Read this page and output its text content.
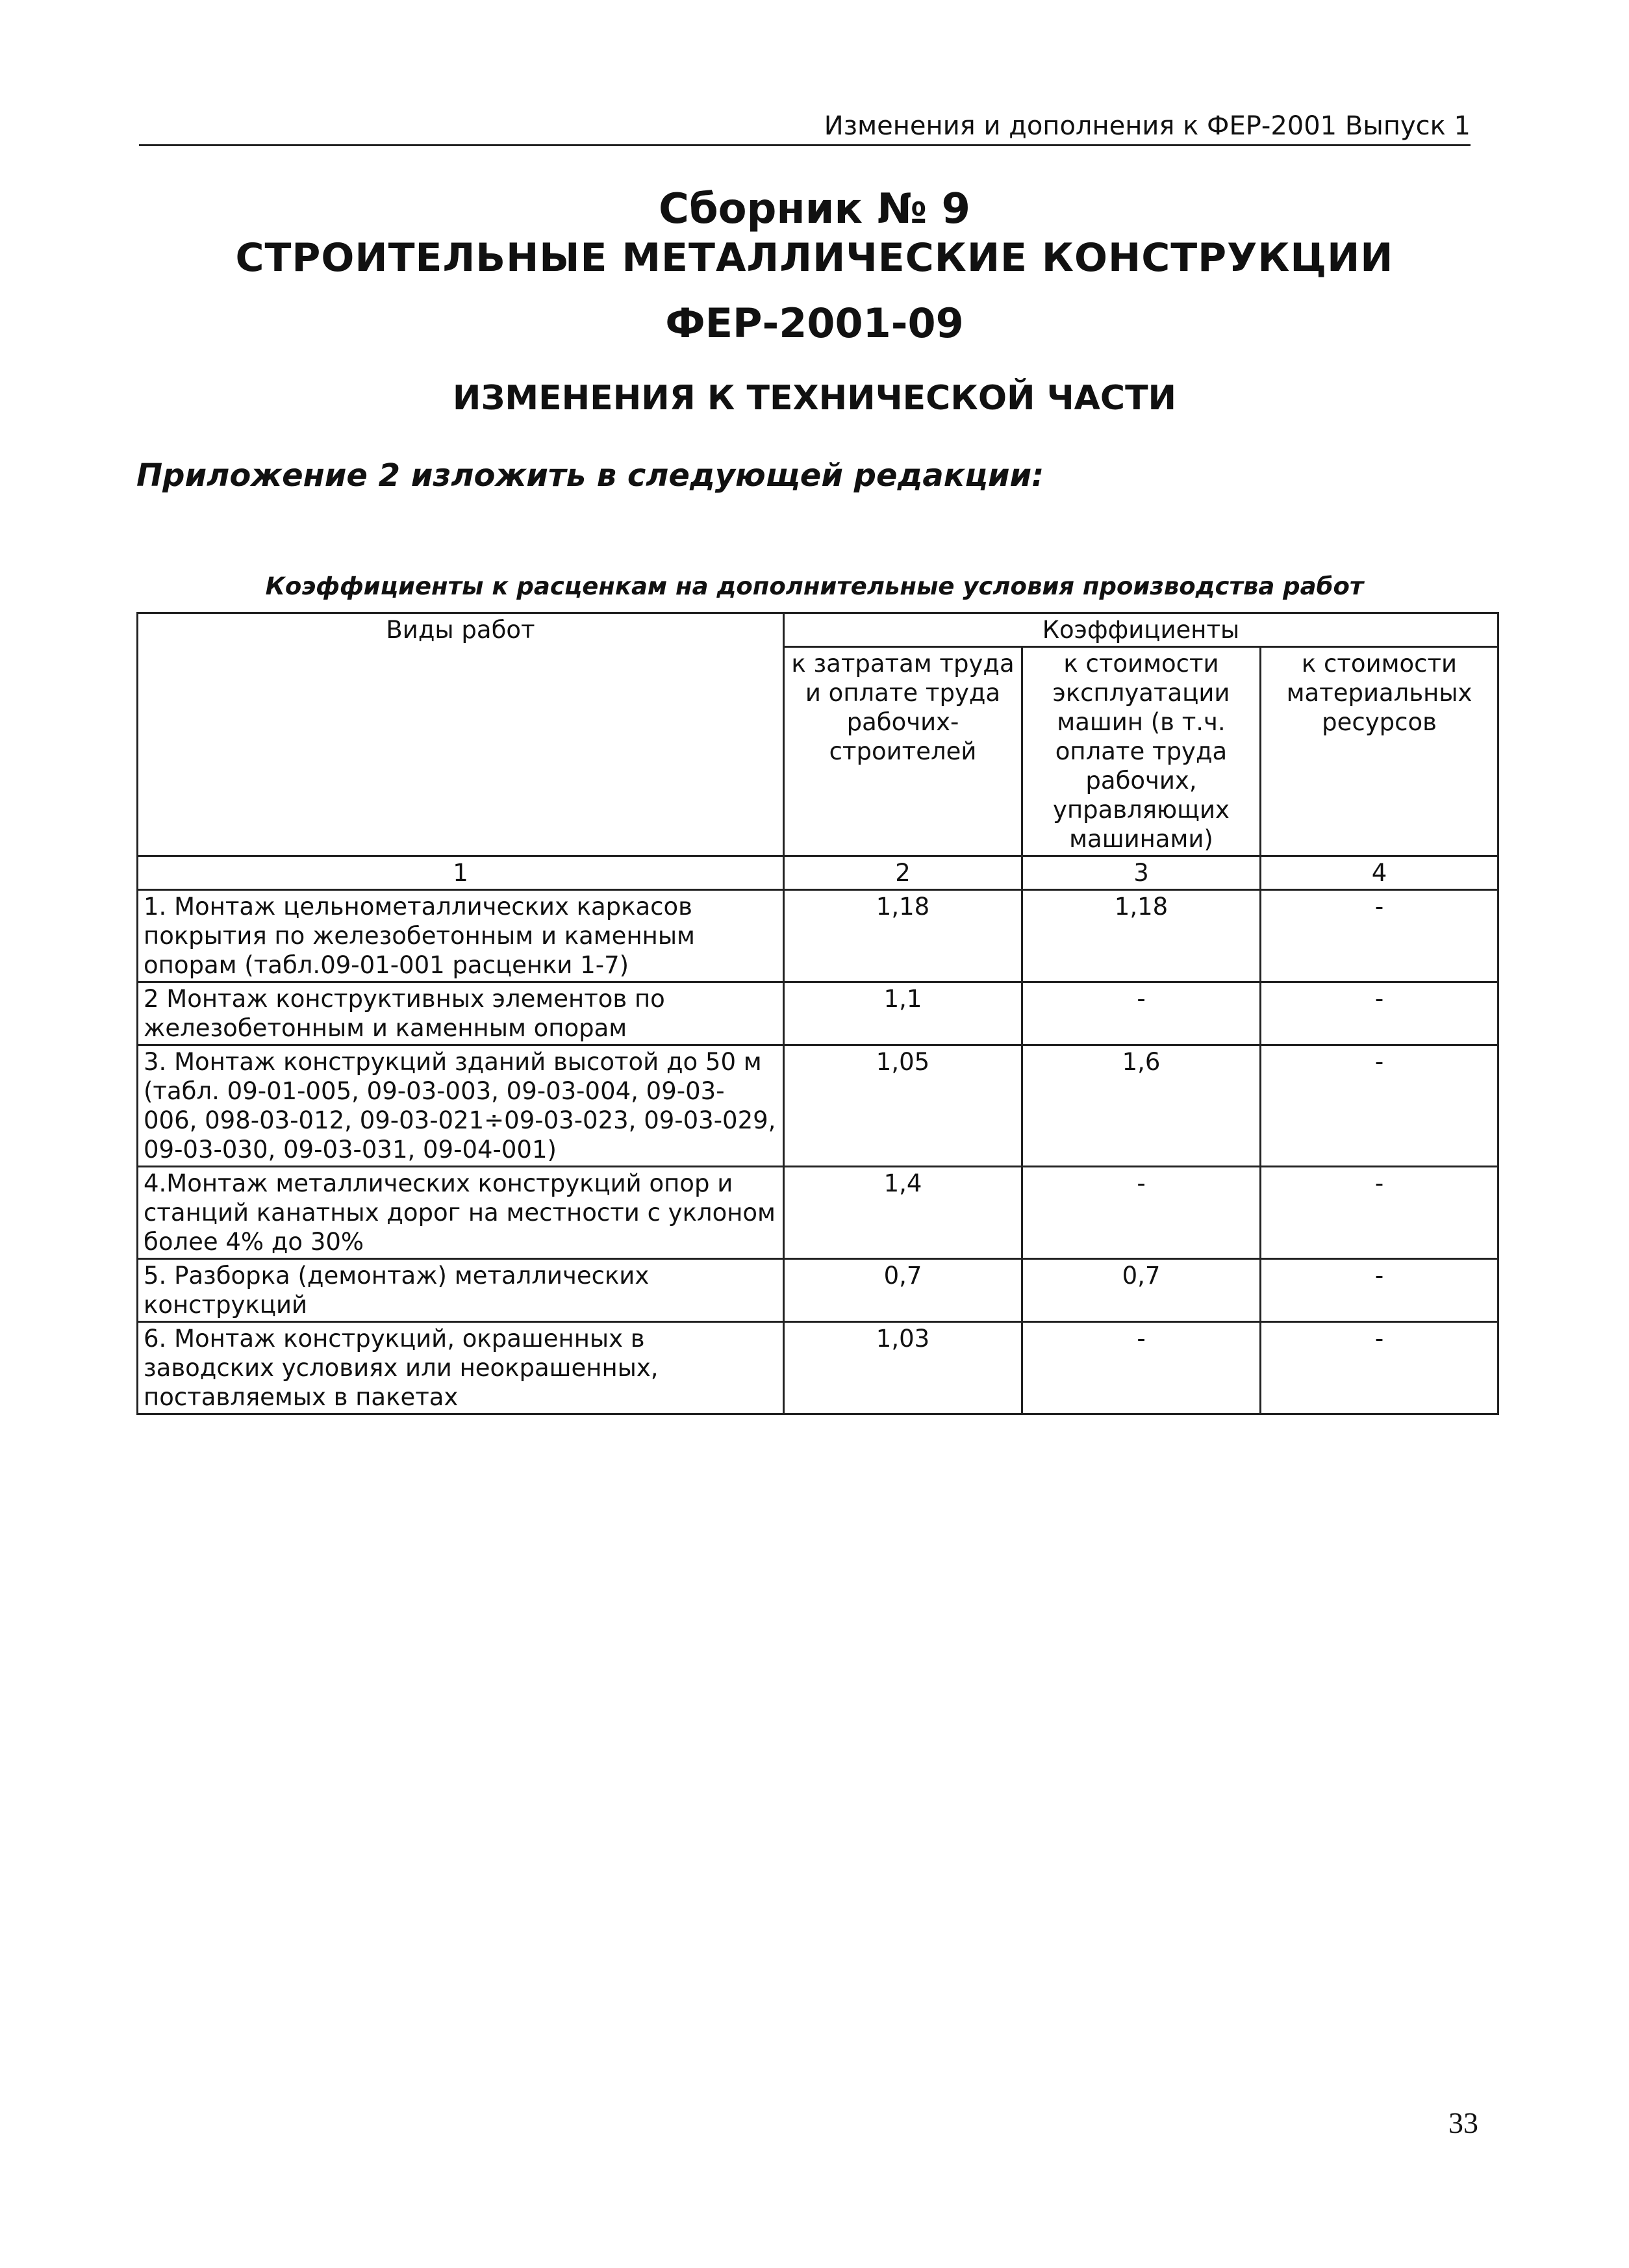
Изменения и дополнения к ФЕР-2001 Выпуск 1
Сборник № 9
СТРОИТЕЛЬНЫЕ МЕТАЛЛИЧЕСКИЕ КОНСТРУКЦИИ
ФЕР-2001-09
ИЗМЕНЕНИЯ К ТЕХНИЧЕСКОЙ ЧАСТИ
Приложение 2 изложить в следующей редакции:
Коэффициенты к расценкам на дополнительные условия производства работ
Виды работ	Коэффициенты		
	к затратам труда и оплате труда рабочих-строителей	к стоимости эксплуатации машин (в т.ч. оплате труда рабочих, управляющих машинами)	к стоимости материальных ресурсов
1	2	3	4
1. Монтаж цельнометаллических каркасов покрытия по железобетонным и каменным опорам (табл.09-01-001 расценки 1-7)	1,18	1,18	-
2 Монтаж конструктивных элементов по железобетонным и каменным опорам	1,1	-	-
3. Монтаж конструкций зданий высотой до 50 м (табл. 09-01-005, 09-03-003, 09-03-004, 09-03-006, 098-03-012, 09-03-021÷09-03-023, 09-03-029, 09-03-030, 09-03-031, 09-04-001)	1,05	1,6	-
4.Монтаж металлических конструкций опор и станций канатных дорог на местности с уклоном более 4% до 30%	1,4	-	-
5. Разборка (демонтаж) металлических конструкций	0,7	0,7	-
6. Монтаж конструкций, окрашенных в заводских условиях или неокрашенных, поставляемых в пакетах	1,03	-	-
33
